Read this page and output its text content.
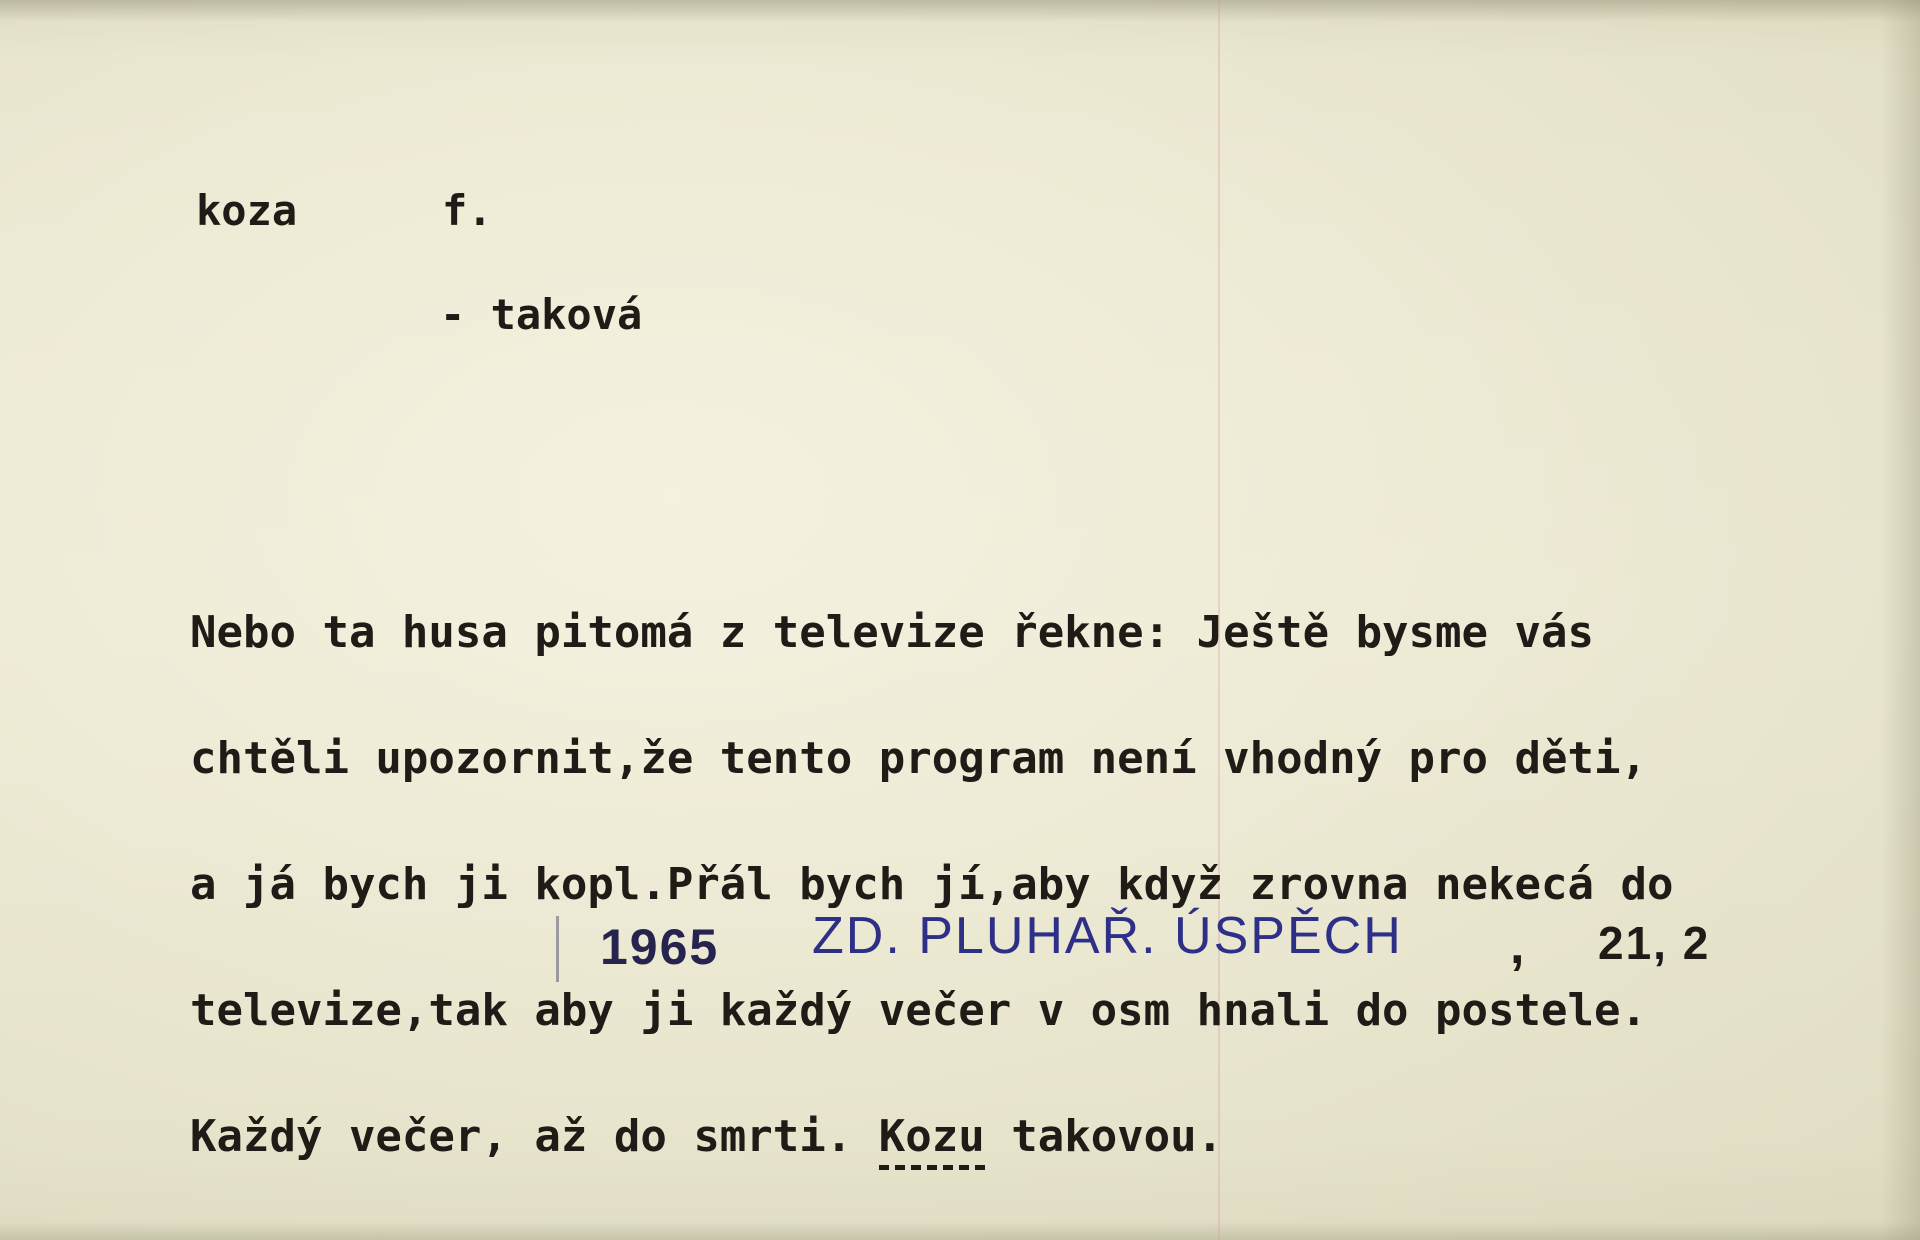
koza	f.

- taková

Nebo ta husa pitomá z televize řekne: Ještě bysme vás

chtěli upozornit,že tento program není vhodný pro děti,

a já bych ji kopl.Přál bych jí,aby když zrovna nekecá do

televize,tak aby ji každý večer v osm hnali do postele.

Každý večer, až do smrti. Kozu takovou.

1965 ZD. PLUHAŘ. ÚSPĚCH , 21, 2
